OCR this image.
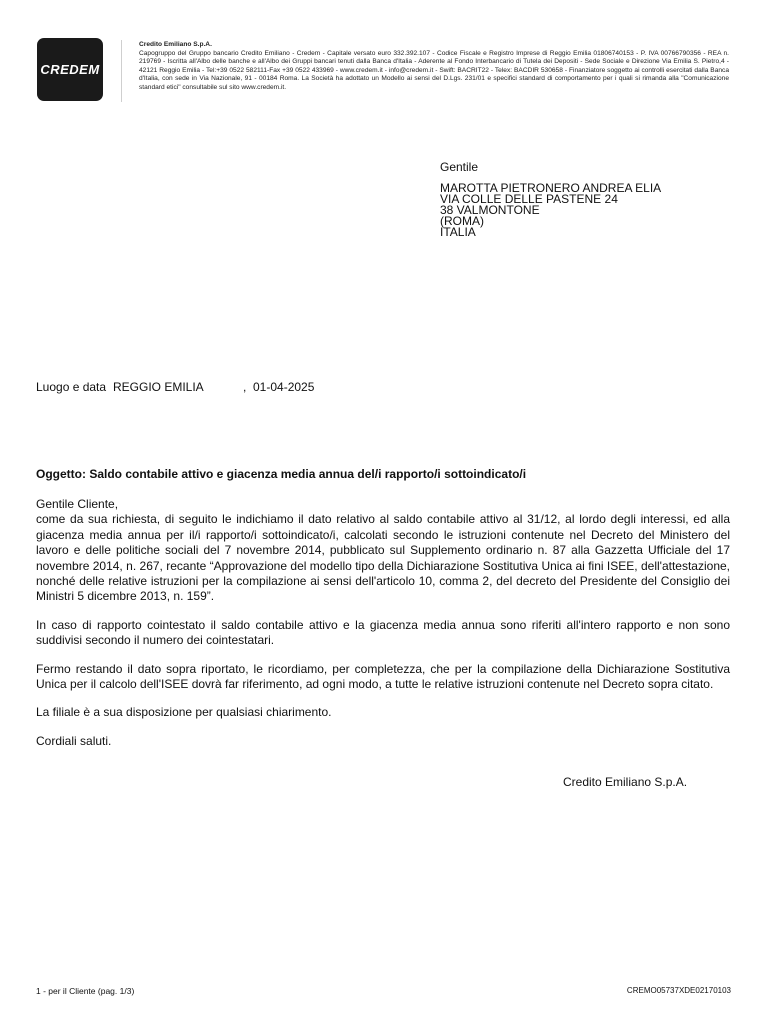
CREDEM
Credito Emiliano S.p.A.
Capogruppo del Gruppo bancario Credito Emiliano - Credem - Capitale versato euro 332.392.107 - Codice Fiscale e Registro Imprese di Reggio Emilia 01806740153 - P. IVA 00766790356 - REA n. 219769 - Iscritta all'Albo delle banche e all'Albo dei Gruppi bancari tenuti dalla Banca d'Italia - Aderente al Fondo Interbancario di Tutela dei Depositi - Sede Sociale e Direzione Via Emilia S. Pietro,4 - 42121 Reggio Emilia - Tel:+39 0522 582111-Fax +39 0522 433969 - www.credem.it - info@credem.it - Swift: BACRIT22 - Telex: BACDIR 530658 - Finanziatore soggetto ai controlli esercitati dalla Banca d'Italia, con sede in Via Nazionale, 91 - 00184 Roma. La Società ha adottato un Modello ai sensi del D.Lgs. 231/01 e specifici standard di comportamento per i quali si rimanda alla "Comunicazione standard etici" consultabile sul sito www.credem.it.
Gentile
MAROTTA PIETRONERO ANDREA ELIA
VIA COLLE DELLE PASTENE 24
38 VALMONTONE
(ROMA)
ITALIA
Luogo e data REGGIO EMILIA	,  01-04-2025
Oggetto: Saldo contabile attivo e giacenza media annua del/i rapporto/i sottoindicato/i

Gentile Cliente,

come da sua richiesta, di seguito le indichiamo il dato relativo al saldo contabile attivo al 31/12, al lordo degli interessi, ed alla giacenza media annua per il/i rapporto/i sottoindicato/i, calcolati secondo le istruzioni contenute nel Decreto del Ministero del lavoro e delle politiche sociali del 7 novembre 2014, pubblicato sul Supplemento ordinario n. 87 alla Gazzetta Ufficiale del 17 novembre 2014, n. 267, recante “Approvazione del modello tipo della Dichiarazione Sostitutiva Unica ai fini ISEE, dell'attestazione, nonché delle relative istruzioni per la compilazione ai sensi dell'articolo 10, comma 2, del decreto del Presidente del Consiglio dei Ministri 5 dicembre 2013, n. 159”.

In caso di rapporto cointestato il saldo contabile attivo e la giacenza media annua sono riferiti all'intero rapporto e non sono suddivisi secondo il numero dei cointestatari.

Fermo restando il dato sopra riportato, le ricordiamo, per completezza, che per la compilazione della Dichiarazione Sostitutiva Unica per il calcolo dell'ISEE dovrà far riferimento, ad ogni modo, a tutte le relative istruzioni contenute nel Decreto sopra citato.

La filiale è a sua disposizione per qualsiasi chiarimento.

Cordiali saluti.

Credito Emiliano S.p.A.
1 - per il Cliente (pag. 1/3)	CREMO05737XDE02170103
